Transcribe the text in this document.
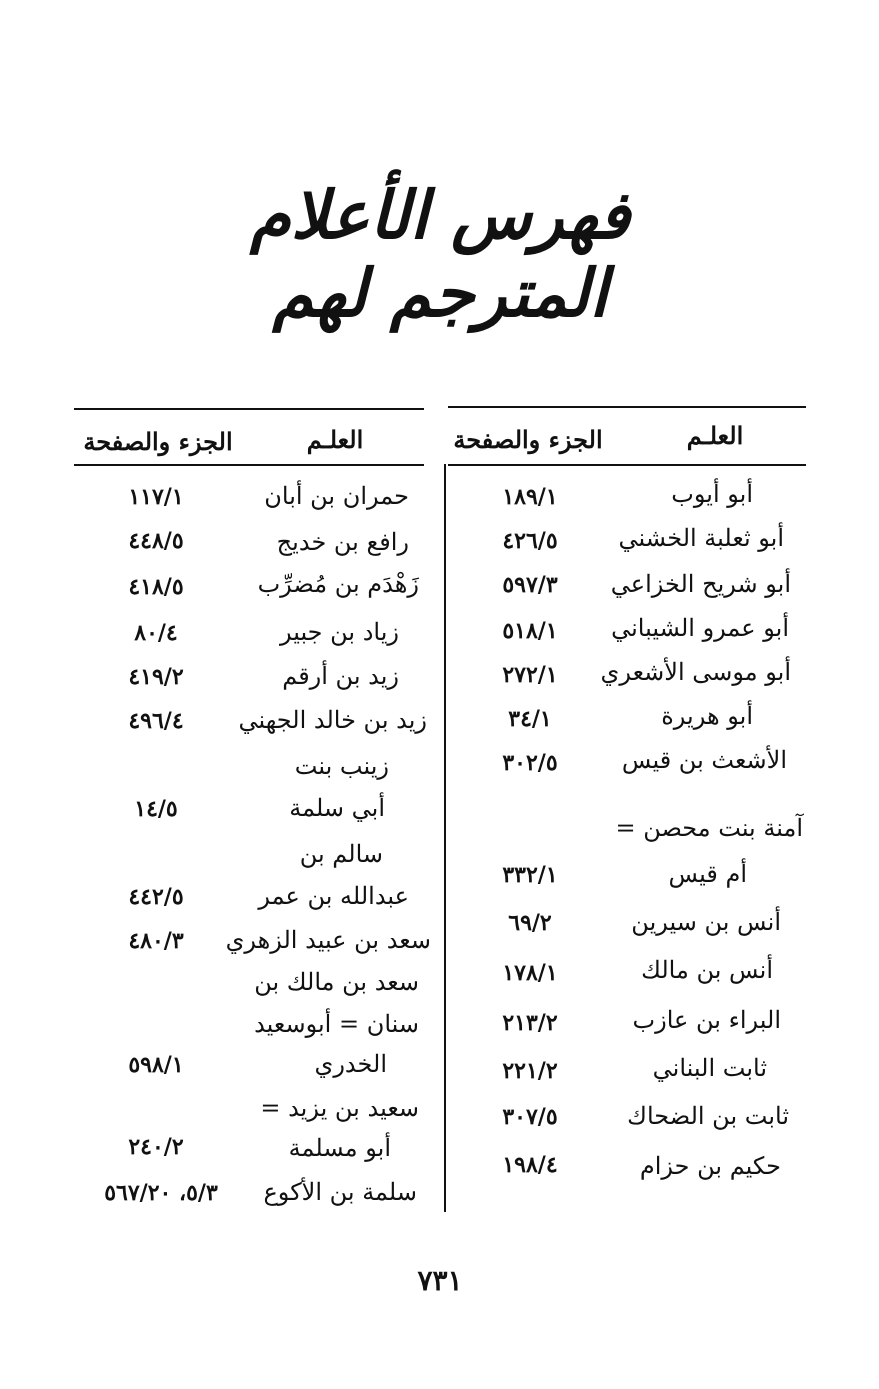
فهرس الأعلام المترجم لهم
العلـم
الجزء والصفحة
العلـم
الجزء والصفحة
أبو أيوب
١٨٩/١
أبو ثعلبة الخشني
٤٢٦/٥
أبو شريح الخزاعي
٥٩٧/٣
أبو عمرو الشيباني
٥١٨/١
أبو موسى الأشعري
٢٧٢/١
أبو هريرة
٣٤/١
الأشعث بن قيس
٣٠٢/٥
آمنة بنت محصن =
أم قيس
٣٣٢/١
أنس بن سيرين
٦٩/٢
أنس بن مالك
١٧٨/١
البراء بن عازب
٢١٣/٢
ثابت البناني
٢٢١/٢
ثابت بن الضحاك
٣٠٧/٥
حكيم بن حزام
١٩٨/٤
حمران بن أبان
١١٧/١
رافع بن خديج
٤٤٨/٥
زَهْدَم بن مُضرِّب
٤١٨/٥
زياد بن جبير
٨٠/٤
زيد بن أرقم
٤١٩/٢
زيد بن خالد الجهني
٤٩٦/٤
زينب بنت
أبي سلمة
١٤/٥
سالم بن
عبدالله بن عمر
٤٤٢/٥
سعد بن عبيد الزهري
٤٨٠/٣
سعد بن مالك بن
سنان = أبوسعيد
الخدري
٥٩٨/١
سعيد بن يزيد =
أبو مسلمة
٢٤٠/٢
سلمة بن الأكوع
٥/٣، ٥٦٧/٢٠
٧٣١
